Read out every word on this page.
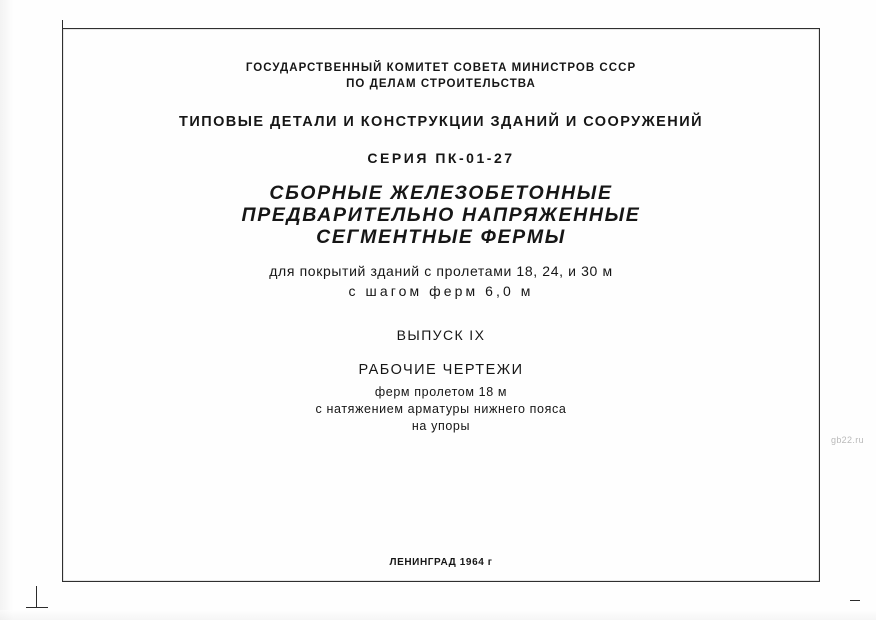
ГОСУДАРСТВЕННЫЙ КОМИТЕТ СОВЕТА МИНИСТРОВ СССР
ПО ДЕЛАМ СТРОИТЕЛЬСТВА
ТИПОВЫЕ ДЕТАЛИ И КОНСТРУКЦИИ ЗДАНИЙ И СООРУЖЕНИЙ
СЕРИЯ ПК-01-27
СБОРНЫЕ ЖЕЛЕЗОБЕТОННЫЕ
ПРЕДВАРИТЕЛЬНО НАПРЯЖЕННЫЕ
СЕГМЕНТНЫЕ ФЕРМЫ
для покрытий зданий с пролетами 18, 24, и 30 м
с шагом ферм 6,0 м
ВЫПУСК IX
РАБОЧИЕ ЧЕРТЕЖИ
ферм пролетом 18 м
с натяжением арматуры нижнего пояса
на упоры
ЛЕНИНГРАД 1964 г
gb22.ru
